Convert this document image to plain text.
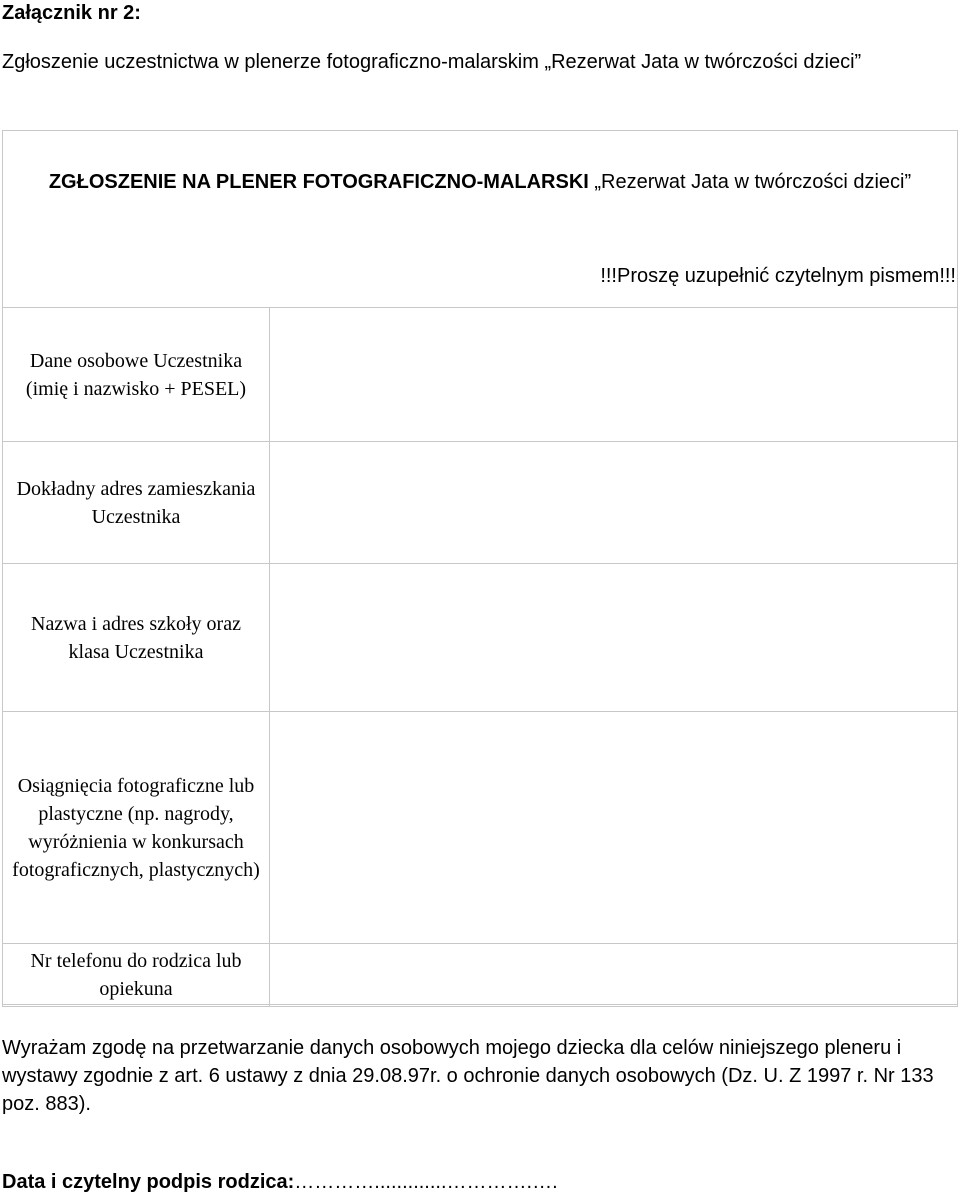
Załącznik nr 2:
Zgłoszenie uczestnictwa w plenerze fotograficzno-malarskim „Rezerwat Jata w twórczości dzieci”
ZGŁOSZENIE NA PLENER FOTOGRAFICZNO-MALARSKI „Rezerwat Jata w twórczości dzieci”
!!!Proszę uzupełnić czytelnym pismem!!!
Dane osobowe Uczestnika (imię i nazwisko + PESEL)	
Dokładny adres zamieszkania Uczestnika	
Nazwa i adres szkoły oraz klasa Uczestnika	
Osiągnięcia fotograficzne lub plastyczne (np. nagrody, wyróżnienia w konkursach fotograficznych, plastycznych)	
Nr telefonu do rodzica lub opiekuna	
Wyrażam zgodę na przetwarzanie danych osobowych mojego dziecka dla celów niniejszego pleneru i wystawy zgodnie z art. 6 ustawy z dnia 29.08.97r. o ochronie danych osobowych (Dz. U. Z 1997 r. Nr 133 poz. 883).
Data i czytelny podpis rodzica:………….............………….….
